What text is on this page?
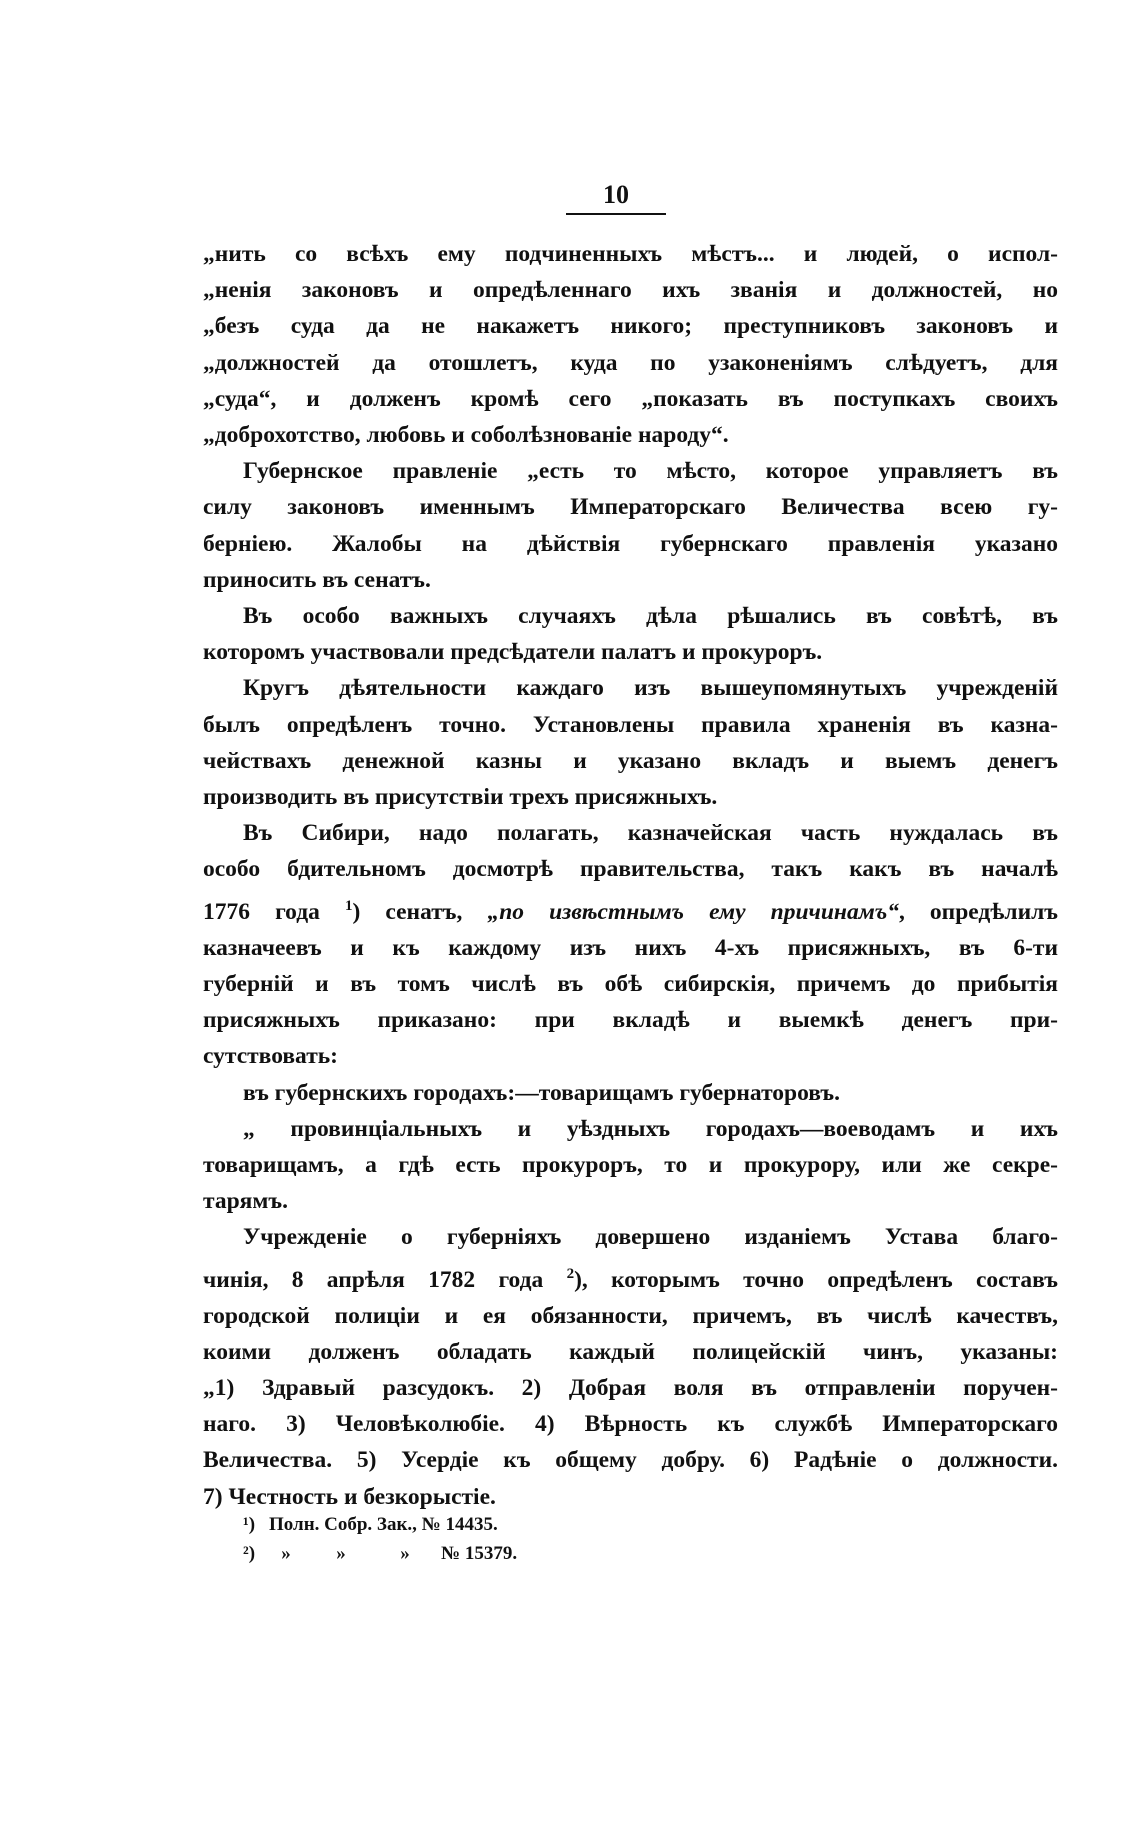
10

„нить со всѣхъ ему подчиненныхъ мѣстъ... и людей, о испол-
„ненія законовъ и опредѣленнаго ихъ званія и должностей, но
„безъ суда да не накажетъ никого; преступниковъ законовъ и
„должностей да отошлетъ, куда по узаконеніямъ слѣдуетъ, для
„суда“, и долженъ кромѣ сего „показать въ поступкахъ своихъ
„доброхотство, любовь и соболѣзнованіе народу“.

Губернское правленіе „есть то мѣсто, которое управляетъ въ
силу законовъ именнымъ Императорскаго Величества всею гу-
берніею. Жалобы на дѣйствія губернскаго правленія указано
приносить въ сенатъ.

Въ особо важныхъ случаяхъ дѣла рѣшались въ совѣтѣ, въ
которомъ участвовали предсѣдатели палатъ и прокуроръ.

Кругъ дѣятельности каждаго изъ вышеупомянутыхъ учрежденій
былъ опредѣленъ точно. Установлены правила храненія въ казна-
чействахъ денежной казны и указано вкладъ и выемъ денегъ
производить въ присутствіи трехъ присяжныхъ.

Въ Сибири, надо полагать, казначейская часть нуждалась въ
особо бдительномъ досмотрѣ правительства, такъ какъ въ началѣ
1776 года $^1$) сенатъ, „по извѣстнымъ ему причинамъ“, опредѣлилъ
казначеевъ и къ каждому изъ нихъ 4-хъ присяжныхъ, въ 6-ти
губерній и въ томъ числѣ въ обѣ сибирскія, причемъ до прибытія
присяжныхъ приказано: при вкладѣ и выемкѣ денегъ при-
сутствовать:

въ губернскихъ городахъ:—товарищамъ губернаторовъ.

„ провинціальныхъ и уѣздныхъ городахъ—воеводамъ и ихъ
товарищамъ, а гдѣ есть прокуроръ, то и прокурору, или же секре-
тарямъ.

Учрежденіе о губерніяхъ довершено изданіемъ Устава благо-
чинія, 8 апрѣля 1782 года $^2$), которымъ точно опредѣленъ составъ
городской полиціи и ея обязанности, причемъ, въ числѣ качествъ,
коими долженъ обладать каждый полицейскій чинъ, указаны:
„1) Здравый разсудокъ. 2) Добрая воля въ отправленіи поручен-
наго. 3) Человѣколюбіе. 4) Вѣрность къ службѣ Императорскаго
Величества. 5) Усердіе къ общему добру. 6) Радѣніе о должности.
7) Честность и безкорыстіе.

¹) Полн. Собр. Зак., № 14435.
²)	»	»	»	№ 15379.
